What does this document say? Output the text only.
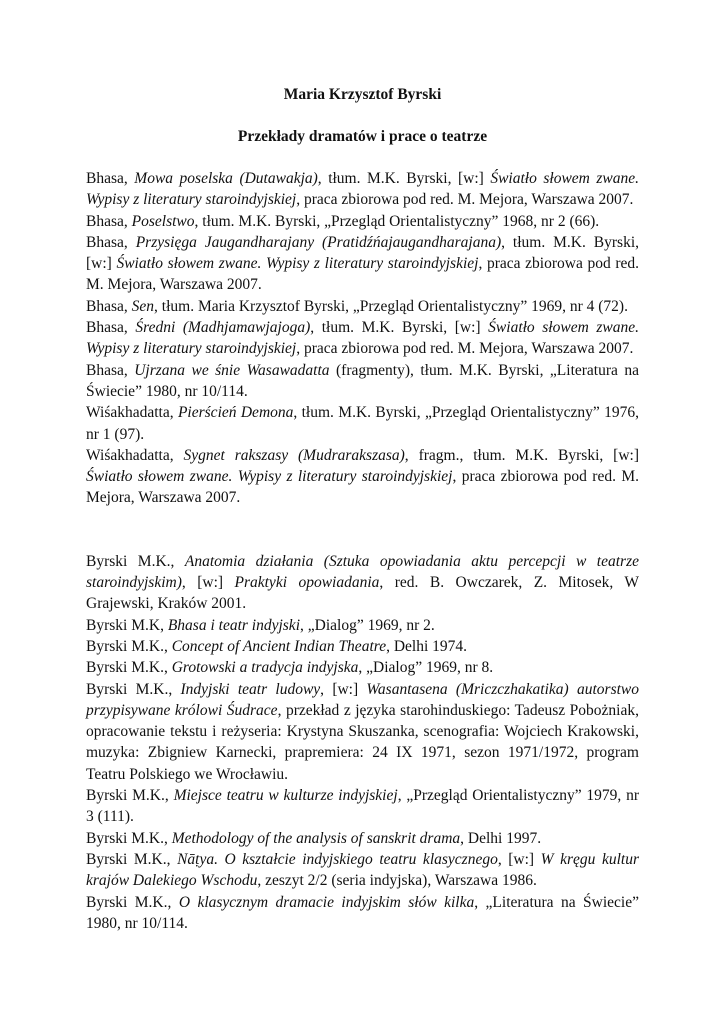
Maria Krzysztof Byrski

Przekłady dramatów i prace o teatrze

Bhasa, Mowa poselska (Dutawakja), tłum. M.K. Byrski, [w:] Światło słowem zwane. Wypisy z literatury staroindyjskiej, praca zbiorowa pod red. M. Mejora, Warszawa 2007.

Bhasa, Poselstwo, tłum. M.K. Byrski, „Przegląd Orientalistyczny” 1968, nr 2 (66).

Bhasa, Przysięga Jaugandharajany (Pratidźńajaugandharajana), tłum. M.K. Byrski, [w:] Światło słowem zwane. Wypisy z literatury staroindyjskiej, praca zbiorowa pod red. M. Mejora, Warszawa 2007.

Bhasa, Sen, tłum. Maria Krzysztof Byrski, „Przegląd Orientalistyczny” 1969, nr 4 (72).

Bhasa, Średni (Madhjamawjajoga), tłum. M.K. Byrski, [w:] Światło słowem zwane. Wypisy z literatury staroindyjskiej, praca zbiorowa pod red. M. Mejora, Warszawa 2007.

Bhasa, Ujrzana we śnie Wasawadatta (fragmenty), tłum. M.K. Byrski, „Literatura na Świecie” 1980, nr 10/114.

Wiśakhadatta, Pierścień Demona, tłum. M.K. Byrski, „Przegląd Orientalistyczny” 1976, nr 1 (97).

Wiśakhadatta, Sygnet rakszasy (Mudrarakszasa), fragm., tłum. M.K. Byrski, [w:] Światło słowem zwane. Wypisy z literatury staroindyjskiej, praca zbiorowa pod red. M. Mejora, Warszawa 2007.

Byrski M.K., Anatomia działania (Sztuka opowiadania aktu percepcji w teatrze staroindyjskim), [w:] Praktyki opowiadania, red. B. Owczarek, Z. Mitosek, W Grajewski, Kraków 2001.

Byrski M.K, Bhasa i teatr indyjski, „Dialog” 1969, nr 2.

Byrski M.K., Concept of Ancient Indian Theatre, Delhi 1974.

Byrski M.K., Grotowski a tradycja indyjska, „Dialog” 1969, nr 8.

Byrski M.K., Indyjski teatr ludowy, [w:] Wasantasena (Mriczczhakatika) autorstwo przypisywane królowi Śudrace, przekład z języka starohinduskiego: Tadeusz Pobożniak, opracowanie tekstu i reżyseria: Krystyna Skuszanka, scenografia: Wojciech Krakowski, muzyka: Zbigniew Karnecki, prapremiera: 24 IX 1971, sezon 1971/1972, program Teatru Polskiego we Wrocławiu.

Byrski M.K., Miejsce teatru w kulturze indyjskiej, „Przegląd Orientalistyczny” 1979, nr 3 (111).

Byrski M.K., Methodology of the analysis of sanskrit drama, Delhi 1997.

Byrski M.K., Nāṭya. O kształcie indyjskiego teatru klasycznego, [w:] W kręgu kultur krajów Dalekiego Wschodu, zeszyt 2/2 (seria indyjska), Warszawa 1986.

Byrski M.K., O klasycznym dramacie indyjskim słów kilka, „Literatura na Świecie” 1980, nr 10/114.
